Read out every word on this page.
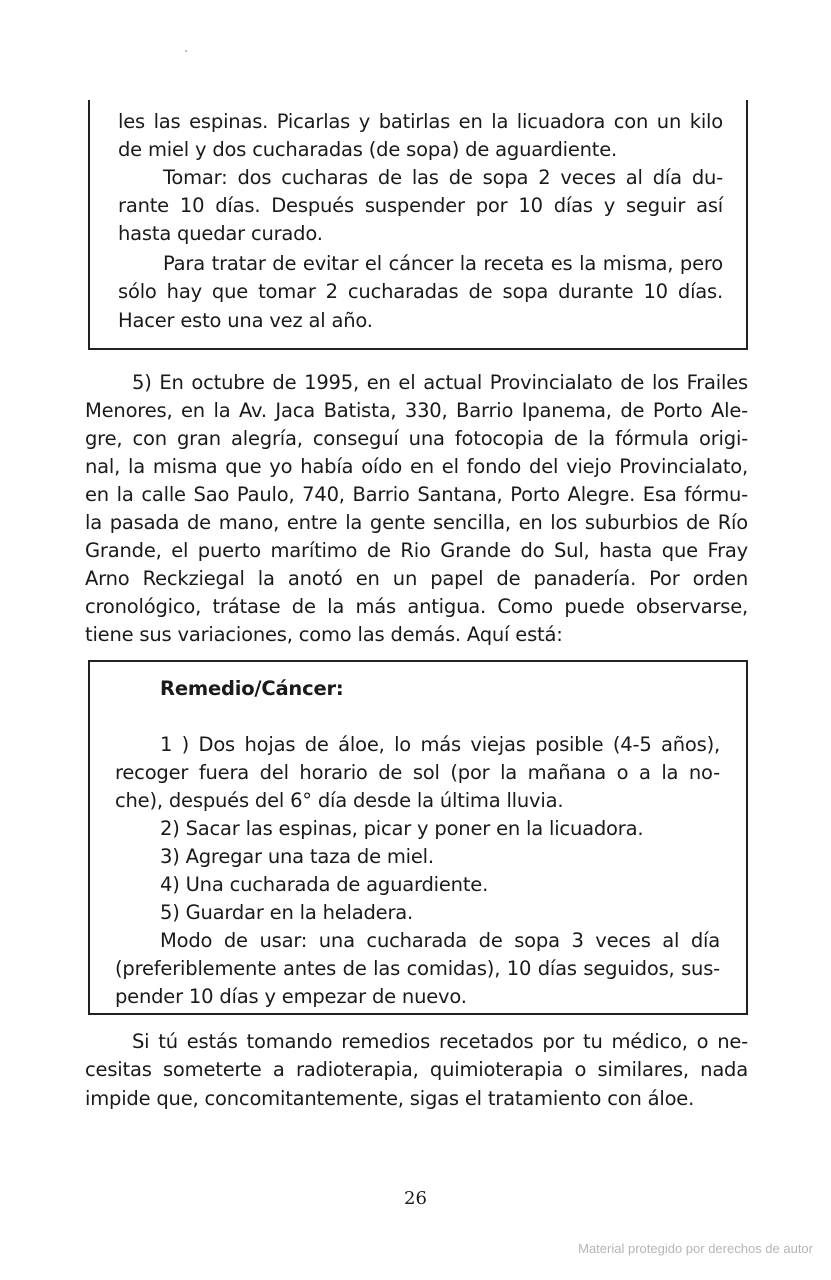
les las espinas. Picarlas y batirlas en la licuadora con un kilo
de miel y dos cucharadas (de sopa) de aguardiente.
Tomar: dos cucharas de las de sopa 2 veces al día du-
rante 10 días. Después suspender por 10 días y seguir así
hasta quedar curado.
Para tratar de evitar el cáncer la receta es la misma, pero
sólo hay que tomar 2 cucharadas de sopa durante 10 días.
Hacer esto una vez al año.
5) En octubre de 1995, en el actual Provincialato de los Frailes
Menores, en la Av. Jaca Batista, 330, Barrio Ipanema, de Porto Ale-
gre, con gran alegría, conseguí una fotocopia de la fórmula origi-
nal, la misma que yo había oído en el fondo del viejo Provincialato,
en la calle Sao Paulo, 740, Barrio Santana, Porto Alegre. Esa fórmu-
la pasada de mano, entre la gente sencilla, en los suburbios de Río
Grande, el puerto marítimo de Rio Grande do Sul, hasta que Fray
Arno Reckziegal la anotó en un papel de panadería. Por orden
cronológico, trátase de la más antigua. Como puede observarse,
tiene sus variaciones, como las demás. Aquí está:
Remedio/Cáncer:
1 ) Dos hojas de áloe, lo más viejas posible (4-5 años),
recoger fuera del horario de sol (por la mañana o a la no-
che), después del 6° día desde la última lluvia.
2) Sacar las espinas, picar y poner en la licuadora.
3) Agregar una taza de miel.
4) Una cucharada de aguardiente.
5) Guardar en la heladera.
Modo de usar: una cucharada de sopa 3 veces al día
(preferiblemente antes de las comidas), 10 días seguidos, sus-
pender 10 días y empezar de nuevo.
Si tú estás tomando remedios recetados por tu médico, o ne-
cesitas someterte a radioterapia, quimioterapia o similares, nada
impide que, concomitantemente, sigas el tratamiento con áloe.
26
Material protegido por derechos de autor
